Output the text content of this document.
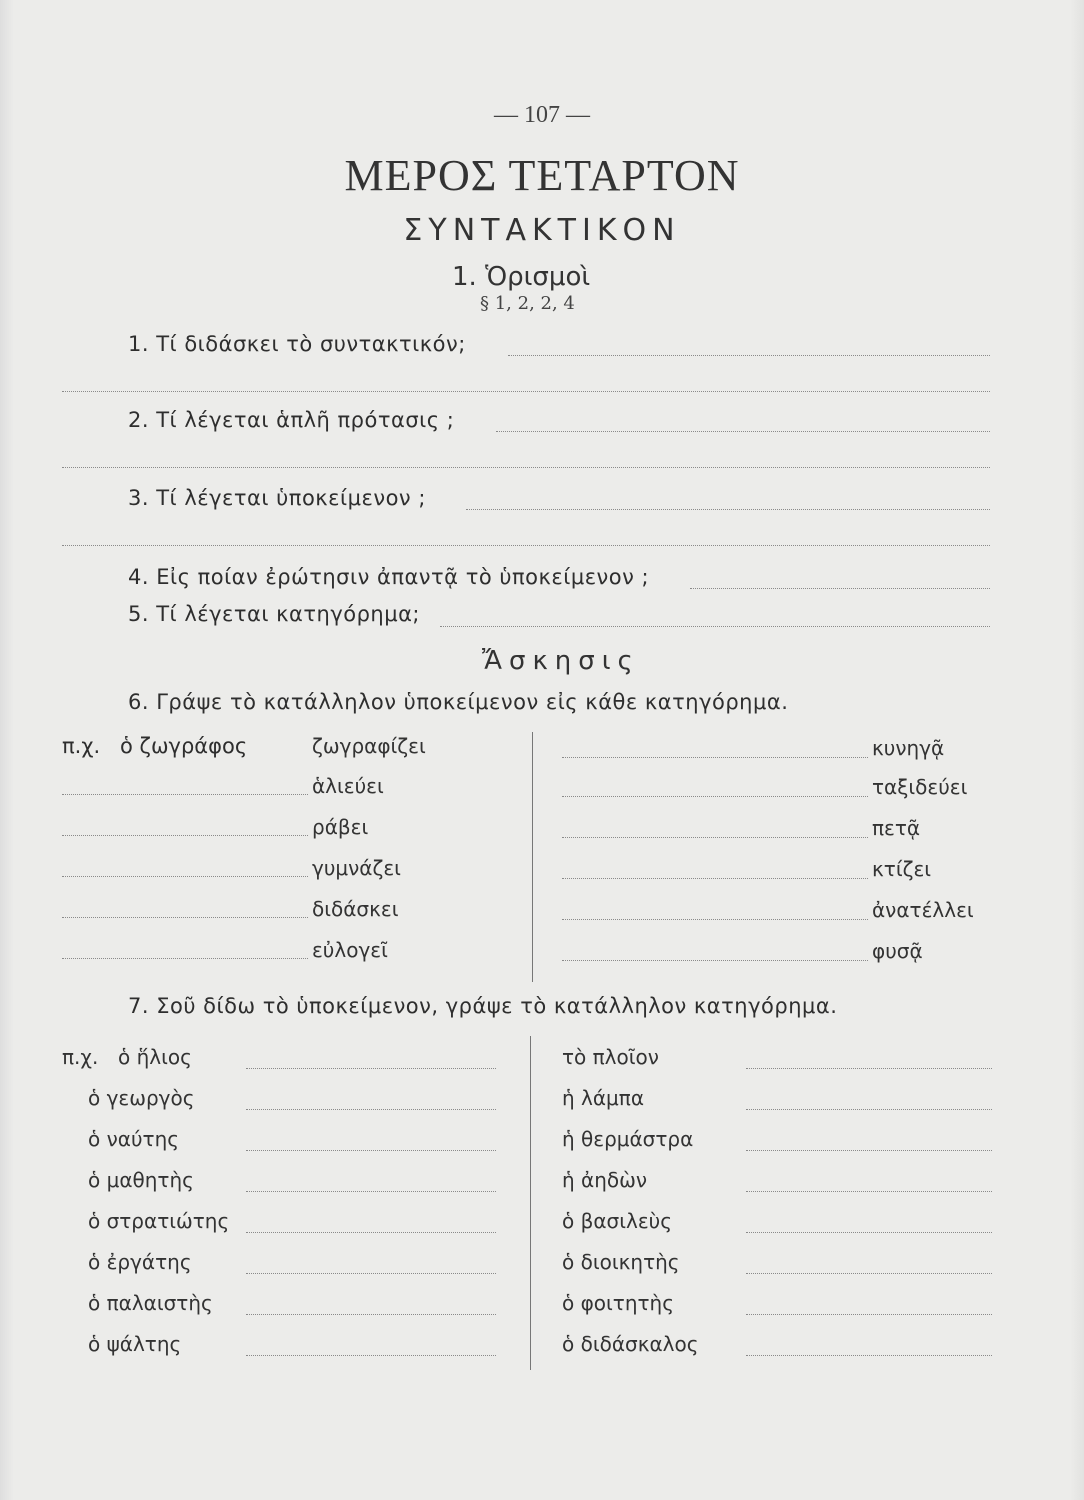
— 107 —
ΜΕΡΟΣ ΤΕΤΑΡΤΟΝ
ΣΥΝΤΑΚΤΙΚΟΝ
1. Ὁρισμοὶ
§ 1, 2, 2, 4
1. Τί διδάσκει τὸ συντακτικόν;
2. Τί λέγεται ἁπλῆ πρότασις ;
3. Τί λέγεται ὑποκείμενον ;
4. Εἰς ποίαν ἐρώτησιν ἀπαντᾷ τὸ ὑποκείμενον ;
5. Τί λέγεται κατηγόρημα;
Ἄσκησις
6. Γράψε τὸ κατάλληλον ὑποκείμενον εἰς κάθε κατηγόρημα.
π.χ. ὁ ζωγράφος	ζωγραφίζει
ἁλιεύει
ράβει
γυμνάζει
διδάσκει
εὐλογεῖ
κυνηγᾷ
ταξιδεύει
πετᾷ
κτίζει
ἀνατέλλει
φυσᾷ
7. Σοῦ δίδω τὸ ὑποκείμενον, γράψε τὸ κατάλληλον κατηγόρημα.
π.χ. ὁ ἥλιος
ὁ γεωργὸς
ὁ ναύτης
ὁ μαθητὴς
ὁ στρατιώτης
ὁ ἐργάτης
ὁ παλαιστὴς
ὁ ψάλτης
τὸ πλοῖον
ἡ λάμπα
ἡ θερμάστρα
ἡ ἀηδὼν
ὁ βασιλεὺς
ὁ διοικητὴς
ὁ φοιτητὴς
ὁ διδάσκαλος
